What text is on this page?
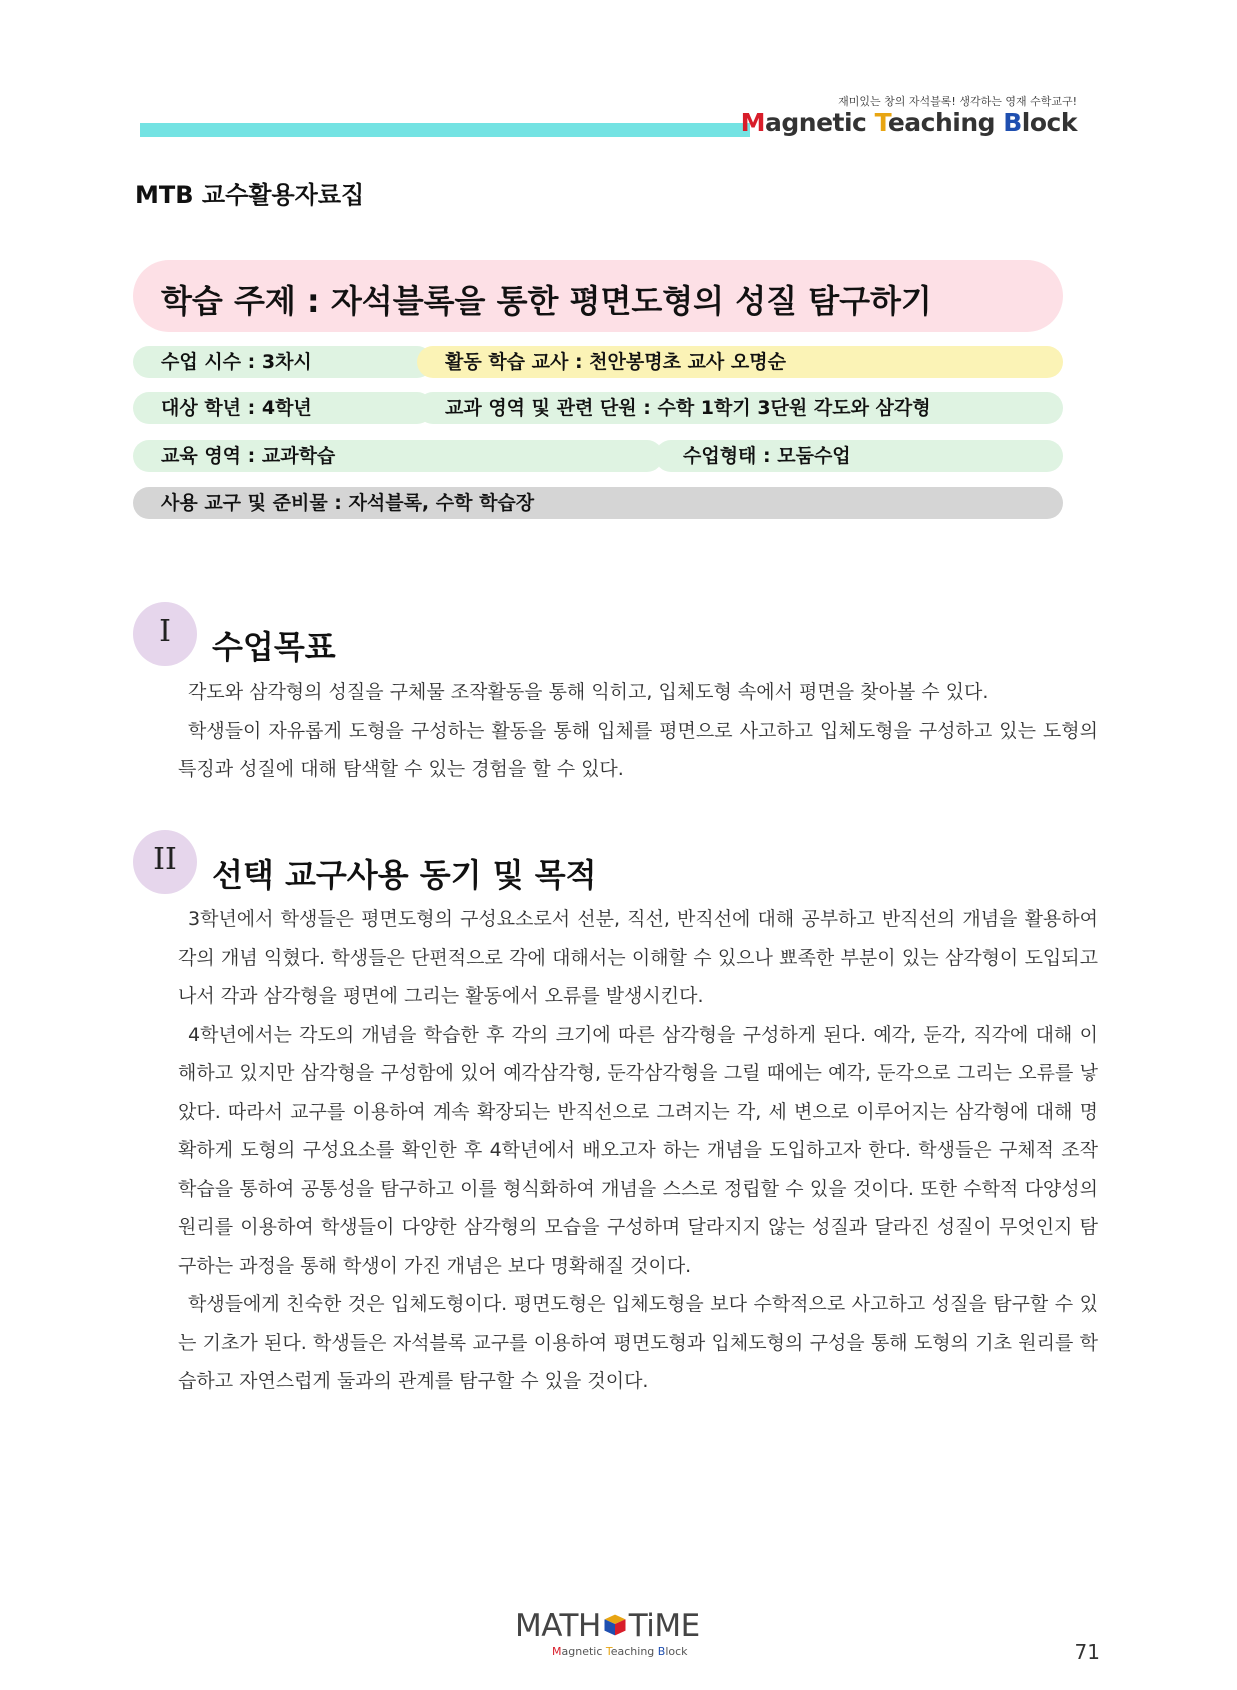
재미있는 창의 자석블록! 생각하는 영재 수학교구!
Magnetic Teaching Block
MTB 교수활용자료집
학습 주제 : 자석블록을 통한 평면도형의 성질 탐구하기
수업 시수 : 3차시	활동 학습 교사 : 천안봉명초 교사 오명순
대상 학년 : 4학년	교과 영역 및 관련 단원 : 수학 1학기 3단원 각도와 삼각형
교육 영역 : 교과학습	수업형태 : 모둠수업
사용 교구 및 준비물 : 자석블록, 수학 학습장
I	수업목표

각도와 삼각형의 성질을 구체물 조작활동을 통해 익히고, 입체도형 속에서 평면을 찾아볼 수 있다.

학생들이 자유롭게 도형을 구성하는 활동을 통해 입체를 평면으로 사고하고 입체도형을 구성하고 있는 도형의 특징과 성질에 대해 탐색할 수 있는 경험을 할 수 있다.

II	선택 교구사용 동기 및 목적

3학년에서 학생들은 평면도형의 구성요소로서 선분, 직선, 반직선에 대해 공부하고 반직선의 개념을 활용하여 각의 개념 익혔다. 학생들은 단편적으로 각에 대해서는 이해할 수 있으나 뾰족한 부분이 있는 삼각형이 도입되고 나서 각과 삼각형을 평면에 그리는 활동에서 오류를 발생시킨다.

4학년에서는 각도의 개념을 학습한 후 각의 크기에 따른 삼각형을 구성하게 된다. 예각, 둔각, 직각에 대해 이해하고 있지만 삼각형을 구성함에 있어 예각삼각형, 둔각삼각형을 그릴 때에는 예각, 둔각으로 그리는 오류를 낳았다. 따라서 교구를 이용하여 계속 확장되는 반직선으로 그려지는 각, 세 변으로 이루어지는 삼각형에 대해 명확하게 도형의 구성요소를 확인한 후 4학년에서 배오고자 하는 개념을 도입하고자 한다. 학생들은 구체적 조작학습을 통하여 공통성을 탐구하고 이를 형식화하여 개념을 스스로 정립할 수 있을 것이다. 또한 수학적 다양성의 원리를 이용하여 학생들이 다양한 삼각형의 모습을 구성하며 달라지지 않는 성질과 달라진 성질이 무엇인지 탐구하는 과정을 통해 학생이 가진 개념은 보다 명확해질 것이다.

학생들에게 친숙한 것은 입체도형이다. 평면도형은 입체도형을 보다 수학적으로 사고하고 성질을 탐구할 수 있는 기초가 된다. 학생들은 자석블록 교구를 이용하여 평면도형과 입체도형의 구성을 통해 도형의 기초 원리를 학습하고 자연스럽게 둘과의 관계를 탐구할 수 있을 것이다.

MATH TiME
Magnetic Teaching Block	71
